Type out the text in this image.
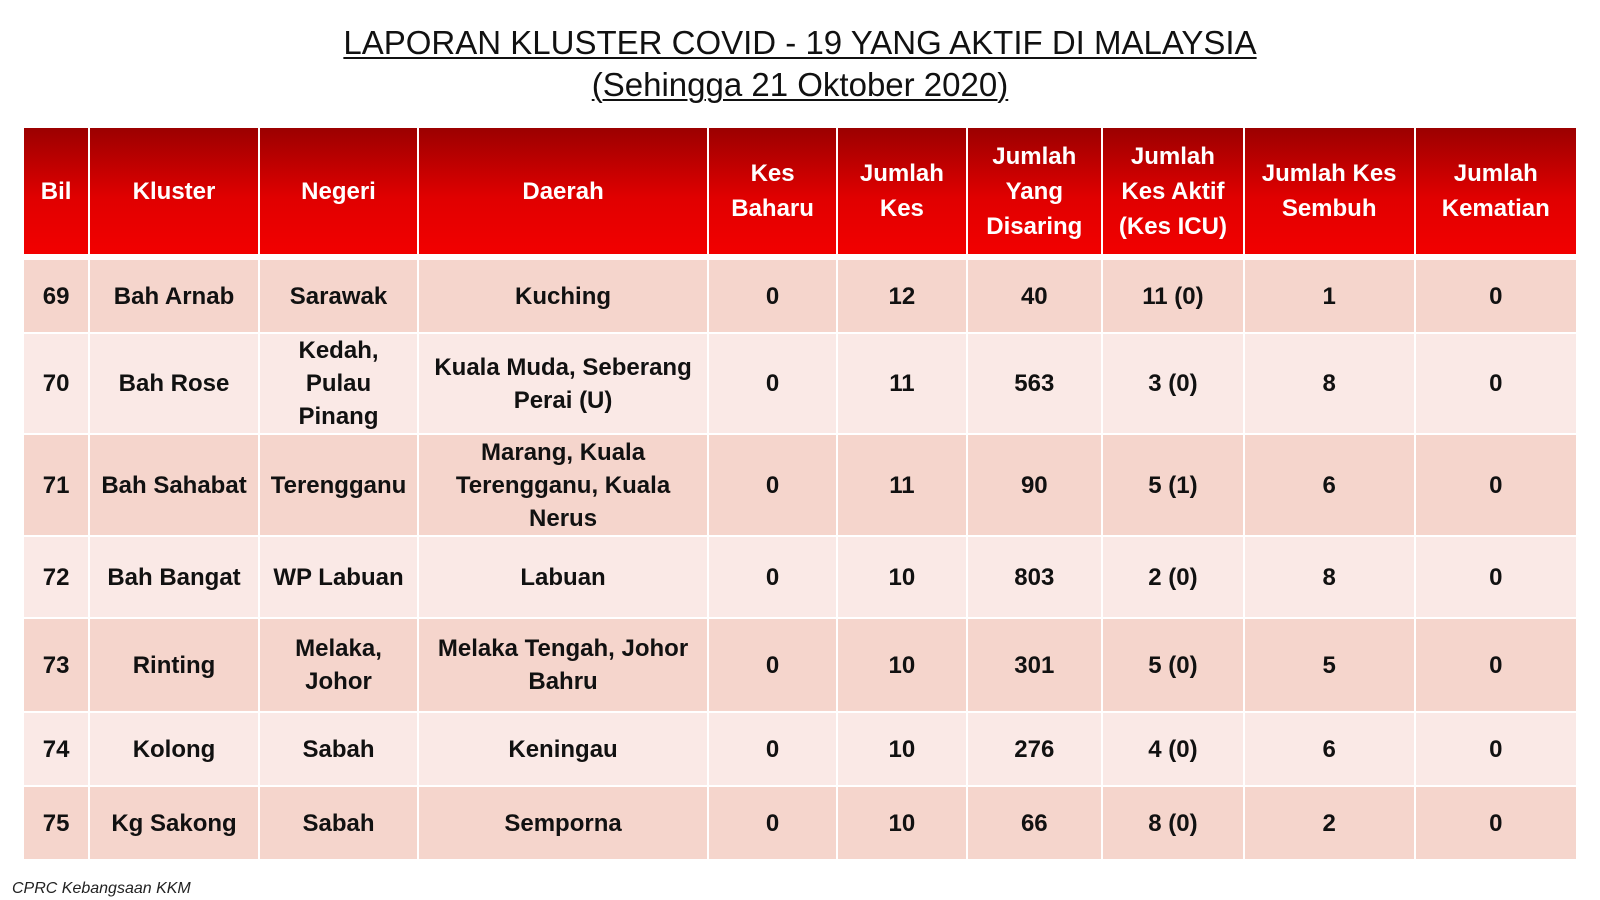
LAPORAN KLUSTER COVID - 19 YANG AKTIF DI MALAYSIA
(Sehingga 21 Oktober 2020)
Bil	Kluster	Negeri	Daerah	Kes Baharu	Jumlah Kes	Jumlah Yang Disaring	Jumlah Kes Aktif (Kes ICU)	Jumlah Kes Sembuh	Jumlah Kematian
69	Bah Arnab	Sarawak	Kuching	0	12	40	11 (0)	1	0
70	Bah Rose	Kedah, Pulau Pinang	Kuala Muda, Seberang Perai (U)	0	11	563	3 (0)	8	0
71	Bah Sahabat	Terengganu	Marang, Kuala Terengganu, Kuala Nerus	0	11	90	5 (1)	6	0
72	Bah Bangat	WP Labuan	Labuan	0	10	803	2 (0)	8	0
73	Rinting	Melaka, Johor	Melaka Tengah, Johor Bahru	0	10	301	5 (0)	5	0
74	Kolong	Sabah	Keningau	0	10	276	4 (0)	6	0
75	Kg Sakong	Sabah	Semporna	0	10	66	8 (0)	2	0
CPRC Kebangsaan KKM
